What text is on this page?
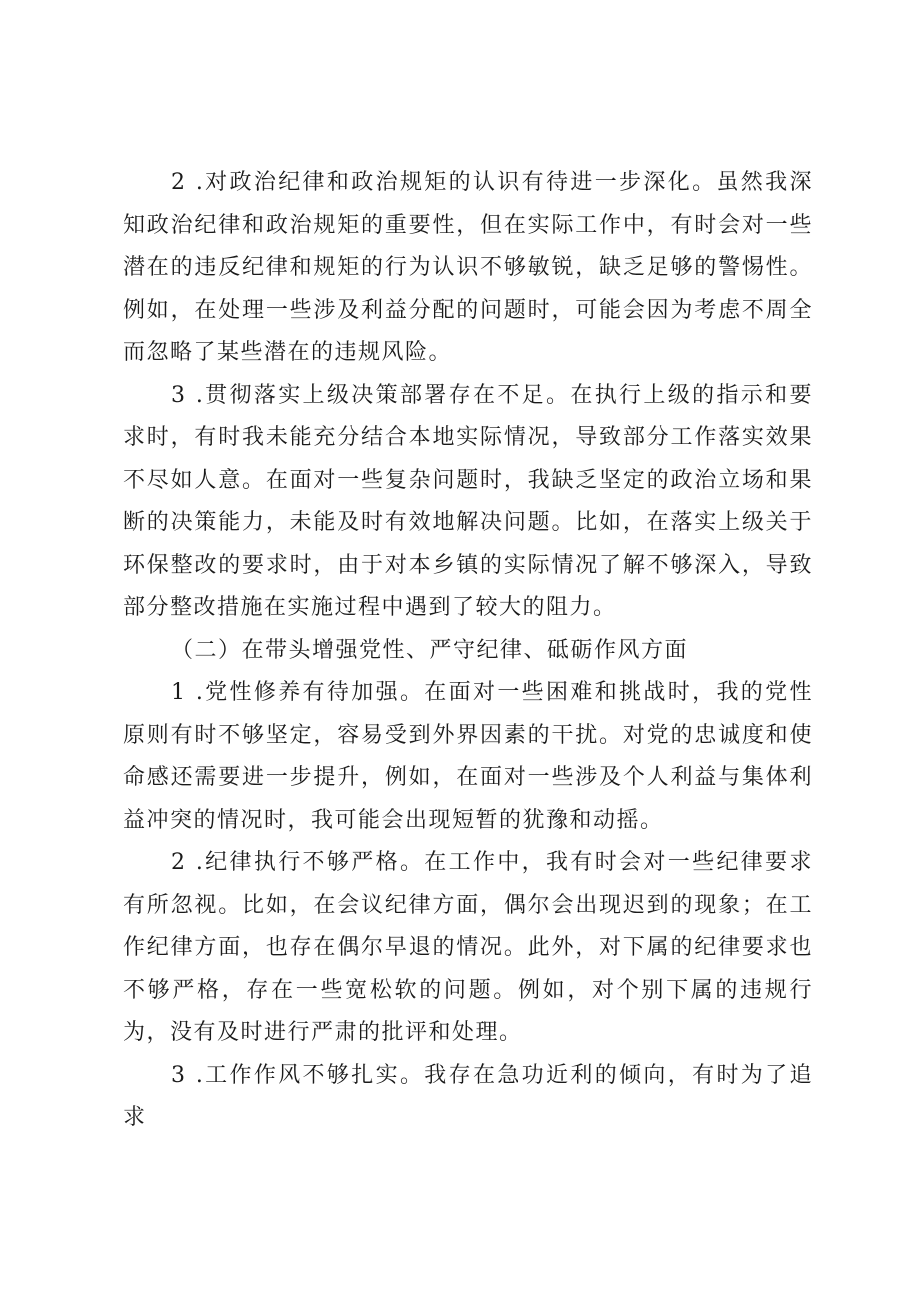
2 .对政治纪律和政治规矩的认识有待进一步深化。虽然我深知政治纪律和政治规矩的重要性，但在实际工作中，有时会对一些潜在的违反纪律和规矩的行为认识不够敏锐，缺乏足够的警惕性。例如，在处理一些涉及利益分配的问题时，可能会因为考虑不周全而忽略了某些潜在的违规风险。

3 .贯彻落实上级决策部署存在不足。在执行上级的指示和要求时，有时我未能充分结合本地实际情况，导致部分工作落实效果不尽如人意。在面对一些复杂问题时，我缺乏坚定的政治立场和果断的决策能力，未能及时有效地解决问题。比如，在落实上级关于环保整改的要求时，由于对本乡镇的实际情况了解不够深入，导致部分整改措施在实施过程中遇到了较大的阻力。

（二）在带头增强党性、严守纪律、砥砺作风方面

1 .党性修养有待加强。在面对一些困难和挑战时，我的党性原则有时不够坚定，容易受到外界因素的干扰。对党的忠诚度和使命感还需要进一步提升，例如，在面对一些涉及个人利益与集体利益冲突的情况时，我可能会出现短暂的犹豫和动摇。

2 .纪律执行不够严格。在工作中，我有时会对一些纪律要求有所忽视。比如，在会议纪律方面，偶尔会出现迟到的现象；在工作纪律方面，也存在偶尔早退的情况。此外，对下属的纪律要求也不够严格，存在一些宽松软的问题。例如，对个别下属的违规行为，没有及时进行严肃的批评和处理。

3 .工作作风不够扎实。我存在急功近利的倾向，有时为了追求
